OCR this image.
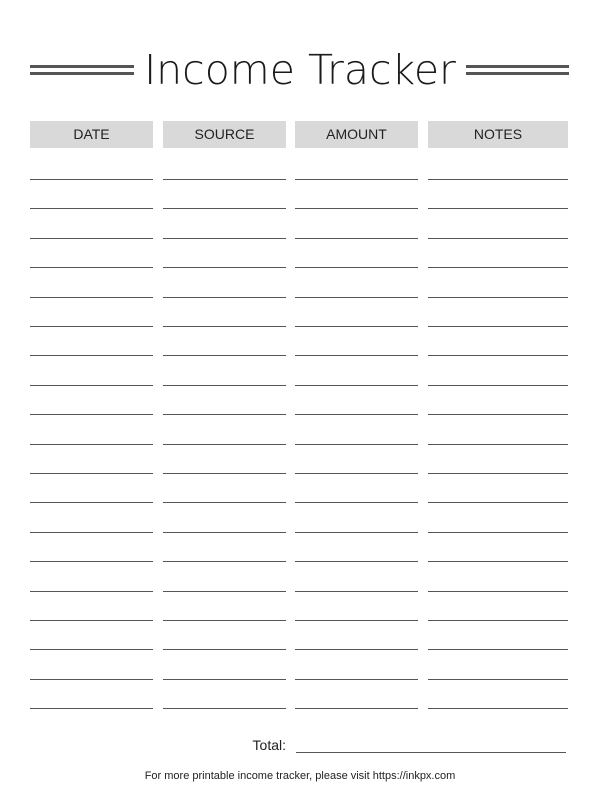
Income Tracker
DATE	SOURCE	AMOUNT	NOTES
Total:
For more printable income tracker, please visit https://inkpx.com
